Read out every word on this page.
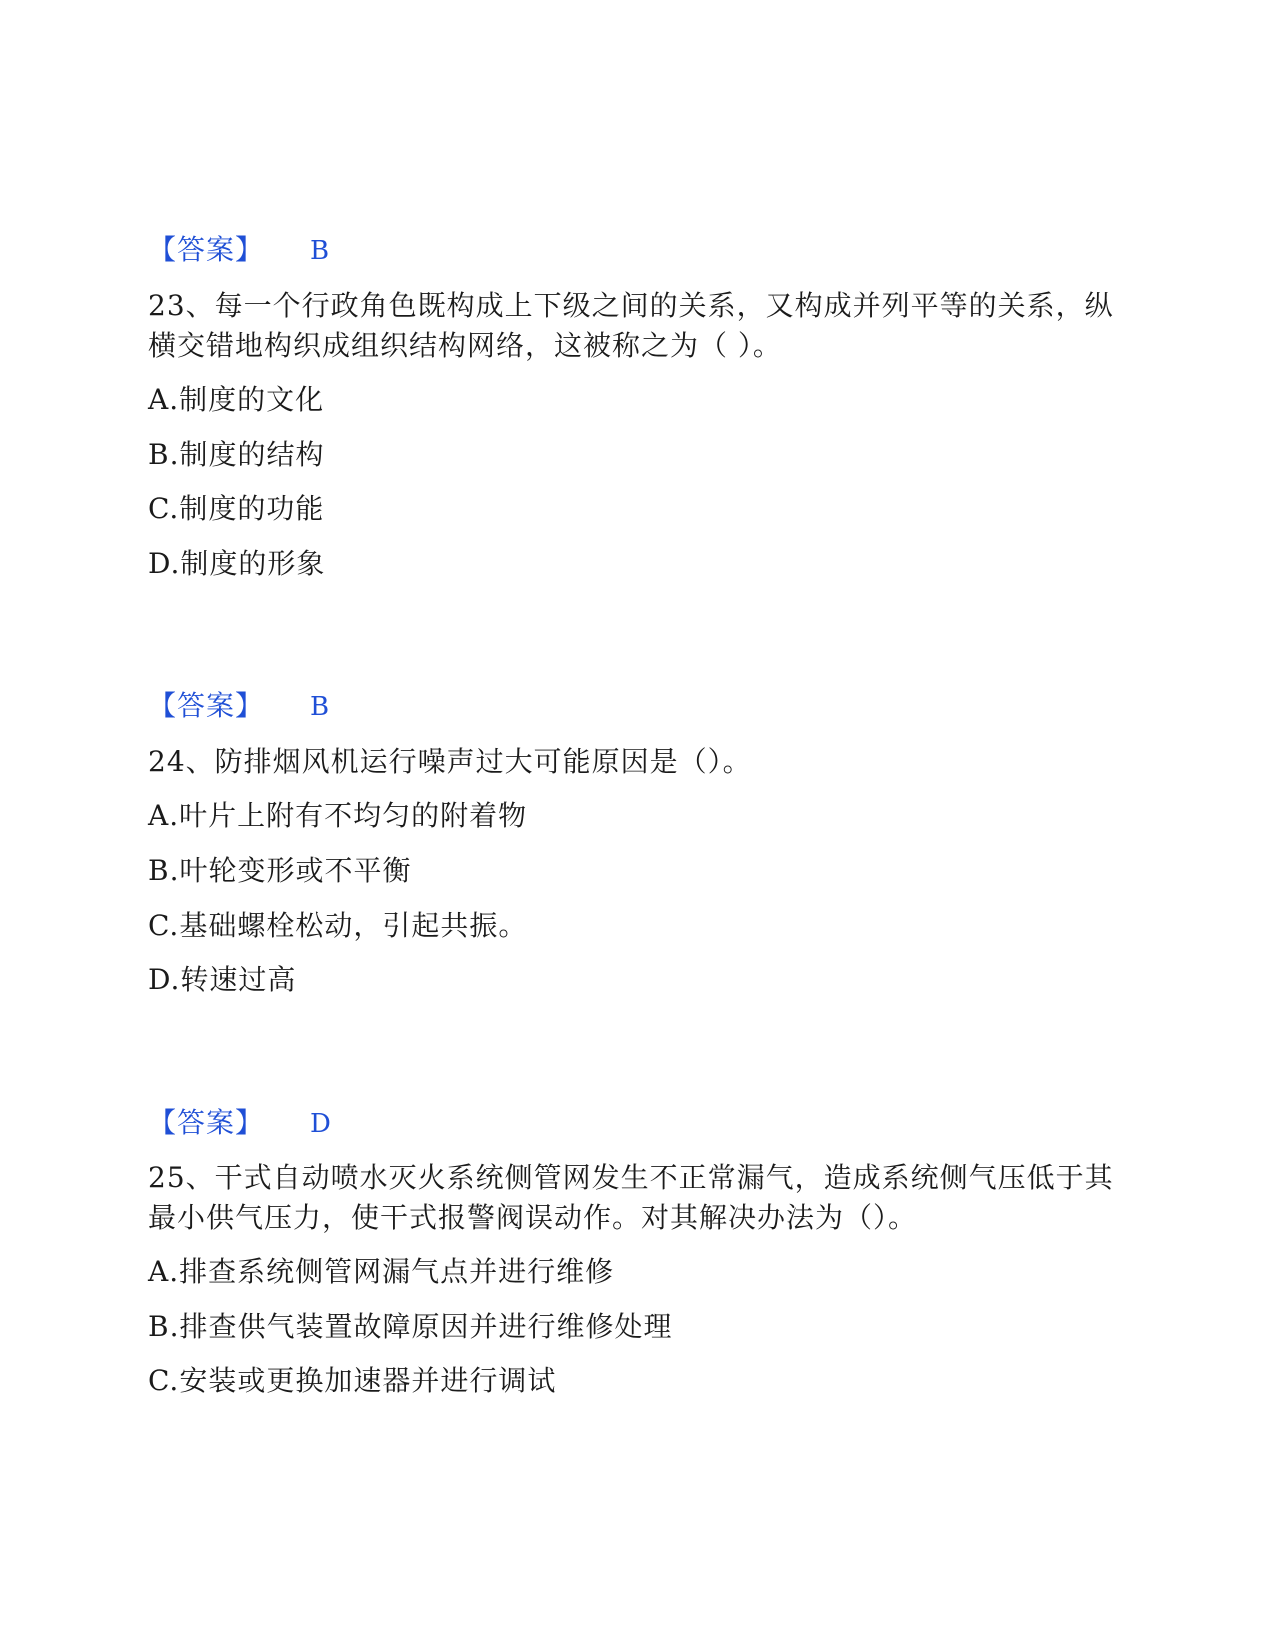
【答案】 B
23、每一个行政角色既构成上下级之间的关系，又构成并列平等的关系，纵
横交错地构织成组织结构网络，这被称之为（ ）。
A.制度的文化
B.制度的结构
C.制度的功能
D.制度的形象
【答案】 B
24、防排烟风机运行噪声过大可能原因是（）。
A.叶片上附有不均匀的附着物
B.叶轮变形或不平衡
C.基础螺栓松动，引起共振。
D.转速过高
【答案】 D
25、干式自动喷水灭火系统侧管网发生不正常漏气，造成系统侧气压低于其
最小供气压力，使干式报警阀误动作。对其解决办法为（）。
A.排查系统侧管网漏气点并进行维修
B.排查供气装置故障原因并进行维修处理
C.安装或更换加速器并进行调试
